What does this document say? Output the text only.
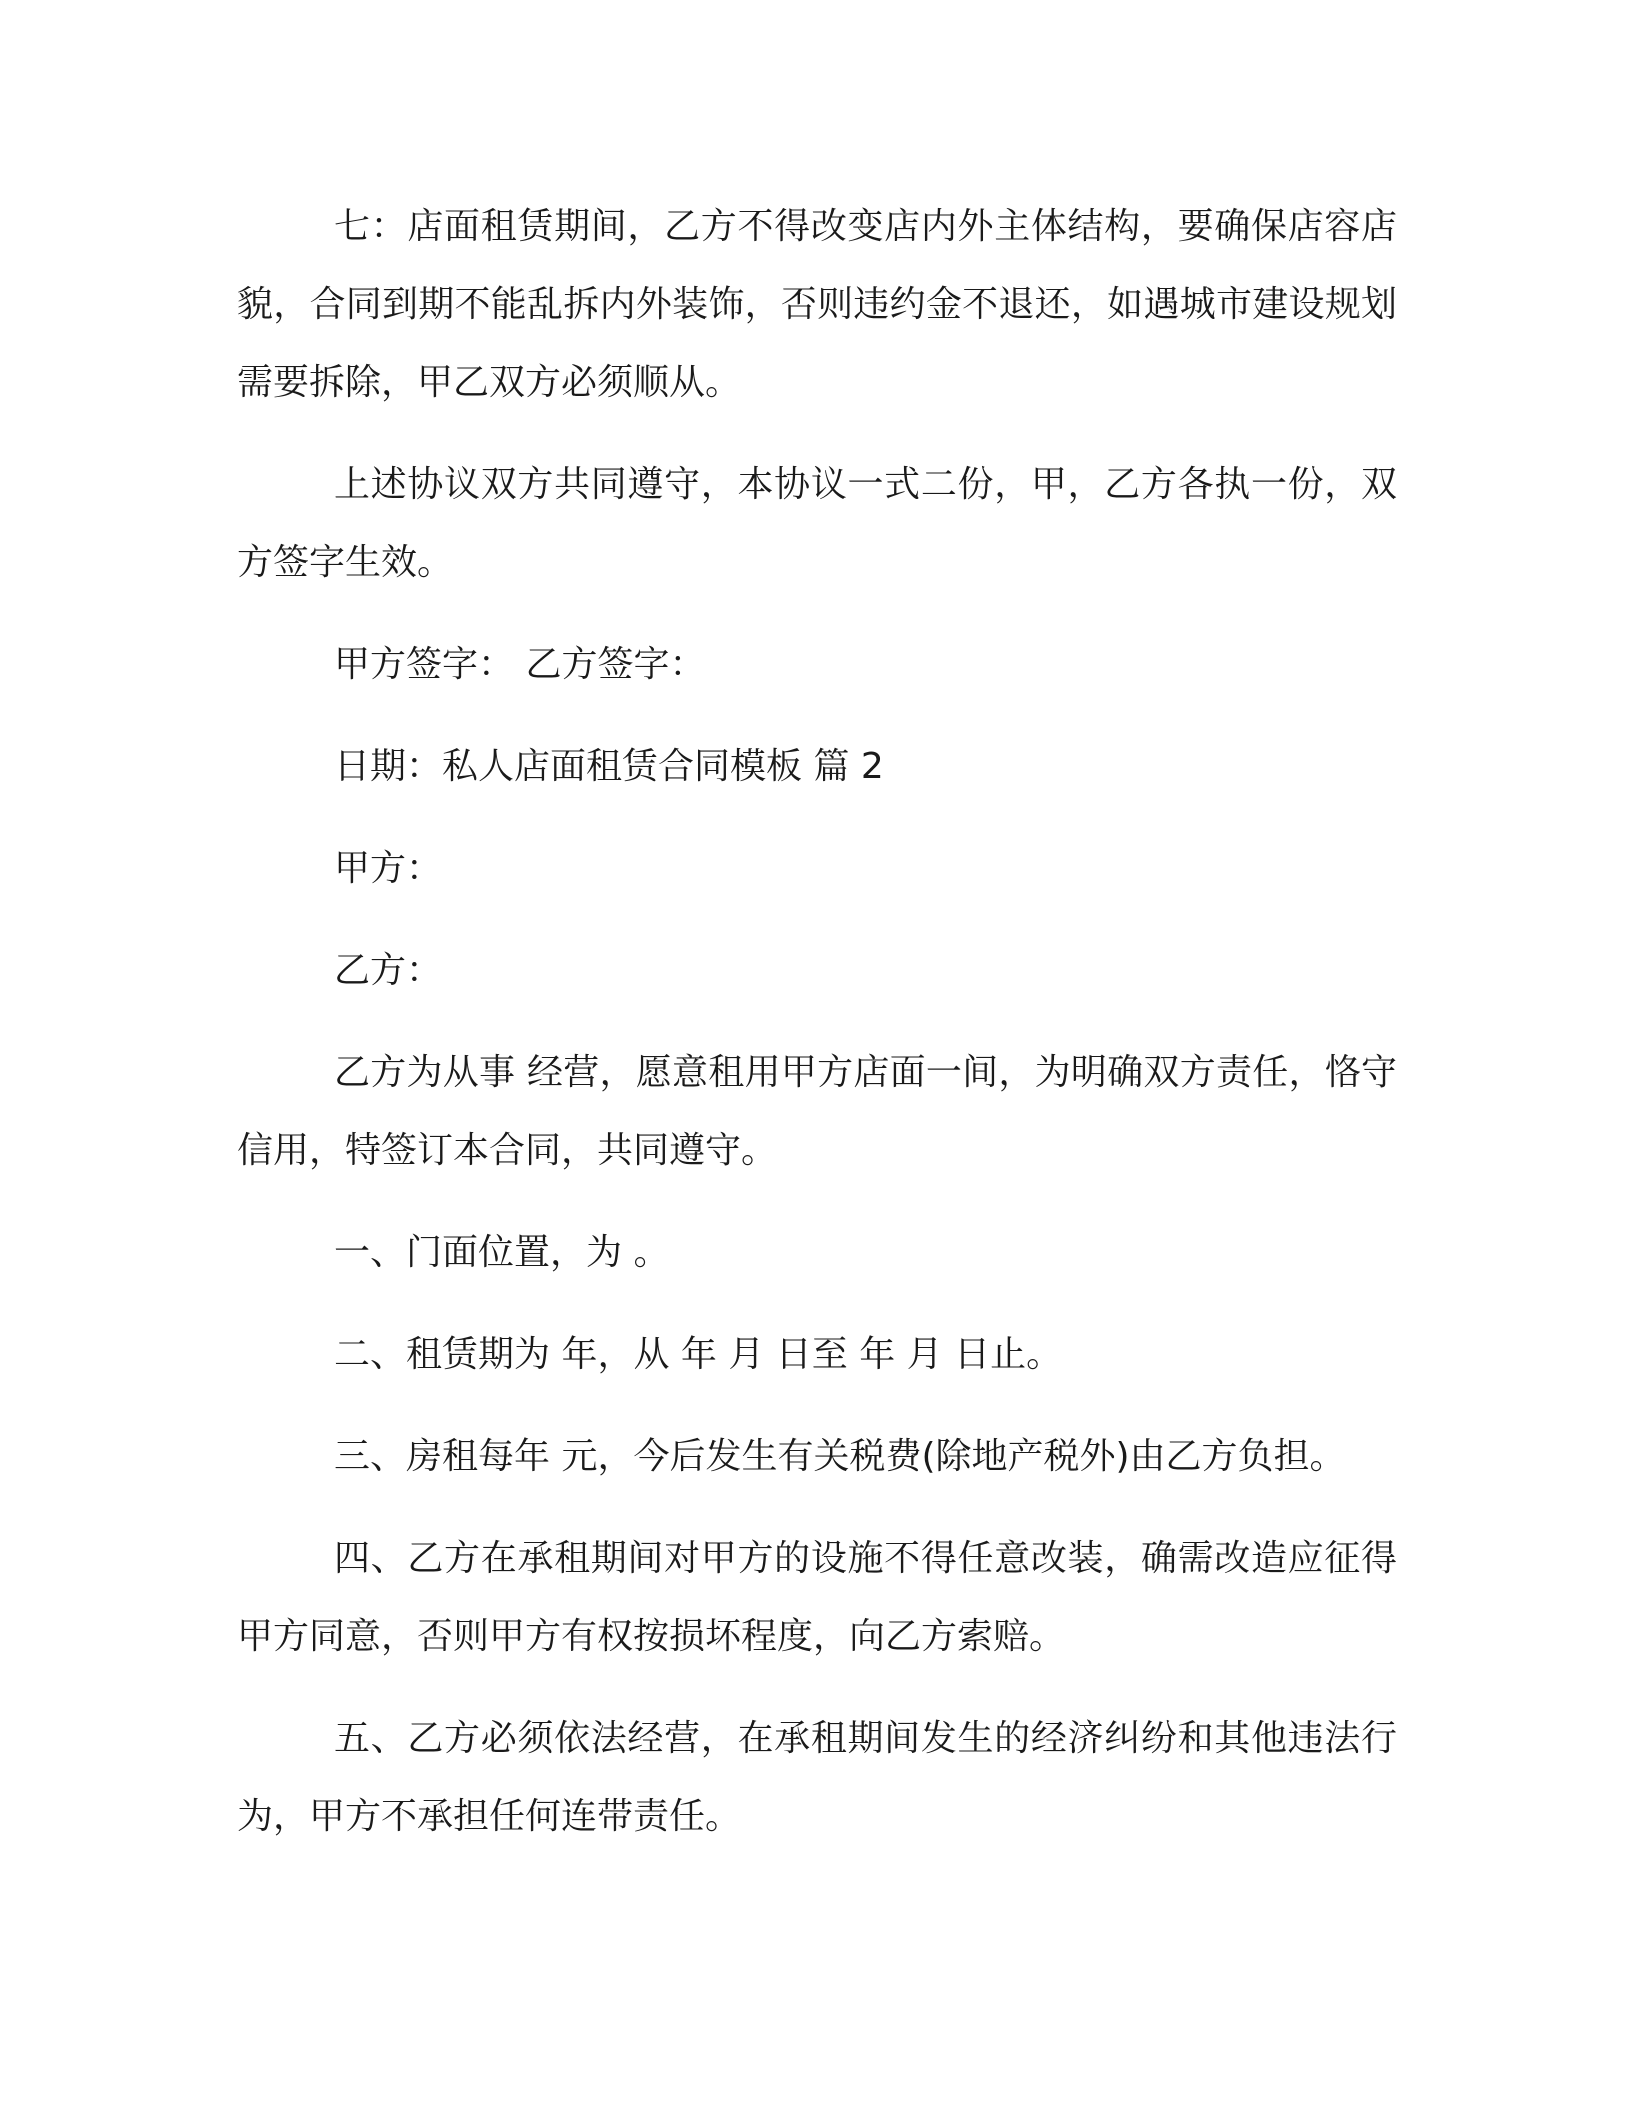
七：店面租赁期间，乙方不得改变店内外主体结构，要确保店容店貌，合同到期不能乱拆内外装饰，否则违约金不退还，如遇城市建设规划需要拆除，甲乙双方必须顺从。

上述协议双方共同遵守，本协议一式二份，甲，乙方各执一份，双方签字生效。

甲方签字： 乙方签字：

日期：私人店面租赁合同模板 篇 2

甲方：

乙方：

乙方为从事 经营，愿意租用甲方店面一间，为明确双方责任，恪守信用，特签订本合同，共同遵守。

一、门面位置，为 。

二、租赁期为 年，从 年 月 日至 年 月 日止。

三、房租每年 元，今后发生有关税费(除地产税外)由乙方负担。

四、乙方在承租期间对甲方的设施不得任意改装，确需改造应征得甲方同意，否则甲方有权按损坏程度，向乙方索赔。

五、乙方必须依法经营，在承租期间发生的经济纠纷和其他违法行为，甲方不承担任何连带责任。
